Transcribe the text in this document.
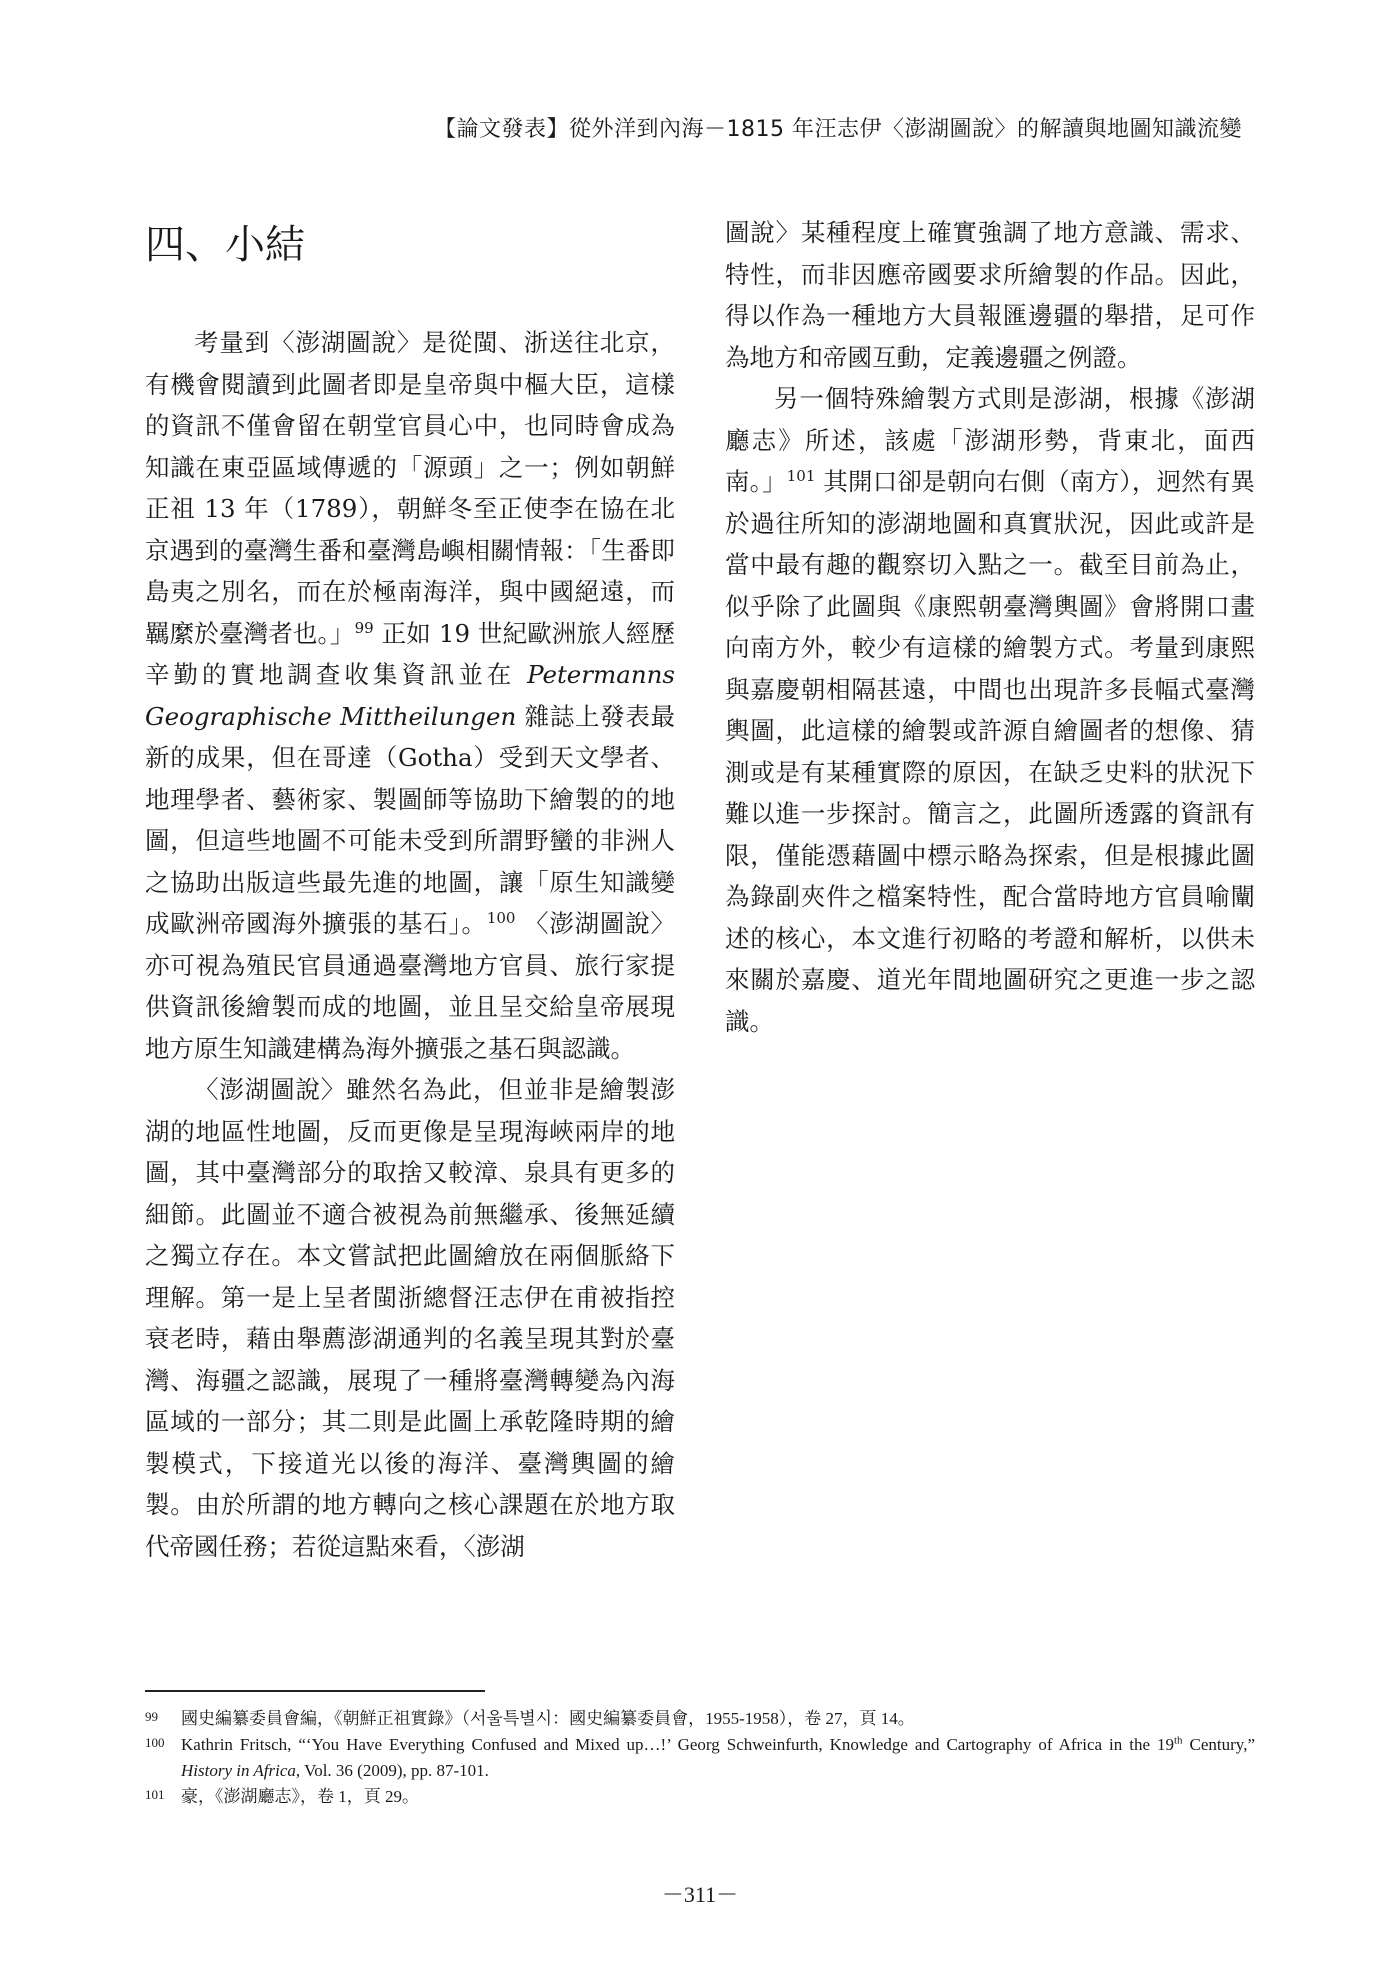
【論文發表】從外洋到內海－1815 年汪志伊〈澎湖圖說〉的解讀與地圖知識流變
四、小結

考量到〈澎湖圖說〉是從閩、浙送往北京，有機會閱讀到此圖者即是皇帝與中樞大臣，這樣的資訊不僅會留在朝堂官員心中，也同時會成為知識在東亞區域傳遞的「源頭」之一；例如朝鮮正祖 13 年（1789），朝鮮冬至正使李在協在北京遇到的臺灣生番和臺灣島嶼相關情報：「生番即島夷之別名，而在於極南海洋，與中國絕遠，而羈縻於臺灣者也。」$^{99}$ 正如 19 世紀歐洲旅人經歷辛勤的實地調查收集資訊並在 Petermanns Geographische Mittheilungen 雜誌上發表最新的成果，但在哥達（Gotha）受到天文學者、地理學者、藝術家、製圖師等協助下繪製的的地圖，但這些地圖不可能未受到所謂野蠻的非洲人之協助出版這些最先進的地圖，讓「原生知識變成歐洲帝國海外擴張的基石」。$^{100}$ 〈澎湖圖說〉亦可視為殖民官員通過臺灣地方官員、旅行家提供資訊後繪製而成的地圖，並且呈交給皇帝展現地方原生知識建構為海外擴張之基石與認識。

〈澎湖圖說〉雖然名為此，但並非是繪製澎湖的地區性地圖，反而更像是呈現海峽兩岸的地圖，其中臺灣部分的取捨又較漳、泉具有更多的細節。此圖並不適合被視為前無繼承、後無延續之獨立存在。本文嘗試把此圖繪放在兩個脈絡下理解。第一是上呈者閩浙總督汪志伊在甫被指控衰老時，藉由舉薦澎湖通判的名義呈現其對於臺灣、海疆之認識，展現了一種將臺灣轉變為內海區域的一部分；其二則是此圖上承乾隆時期的繪製模式，下接道光以後的海洋、臺灣輿圖的繪製。由於所謂的地方轉向之核心課題在於地方取代帝國任務；若從這點來看，〈澎湖

圖說〉某種程度上確實強調了地方意識、需求、特性，而非因應帝國要求所繪製的作品。因此，得以作為一種地方大員報匯邊疆的舉措，足可作為地方和帝國互動，定義邊疆之例證。

另一個特殊繪製方式則是澎湖，根據《澎湖廳志》所述，該處「澎湖形勢，背東北，面西南。」$^{101}$ 其開口卻是朝向右側（南方），迥然有異於過往所知的澎湖地圖和真實狀況，因此或許是當中最有趣的觀察切入點之一。截至目前為止，似乎除了此圖與《康熙朝臺灣輿圖》會將開口畫向南方外，較少有這樣的繪製方式。考量到康熙與嘉慶朝相隔甚遠，中間也出現許多長幅式臺灣輿圖，此這樣的繪製或許源自繪圖者的想像、猜測或是有某種實際的原因，在缺乏史料的狀況下難以進一步探討。簡言之，此圖所透露的資訊有限，僅能憑藉圖中標示略為探索，但是根據此圖為錄副夾件之檔案特性，配合當時地方官員喻闡述的核心，本文進行初略的考證和解析，以供未來關於嘉慶、道光年間地圖研究之更進一步之認識。

99	國史編纂委員會編，《朝鮮正祖實錄》（서울특별시：國史編纂委員會，1955-1958），卷 27，頁 14。
100 Kathrin Fritsch, “‘You Have Everything Confused and Mixed up…!’ Georg Schweinfurth, Knowledge and Cartography of Africa in the 19th Century,” History in Africa, Vol. 36 (2009), pp. 87-101.
101 豪，《澎湖廳志》，卷 1，頁 29。
－311－
